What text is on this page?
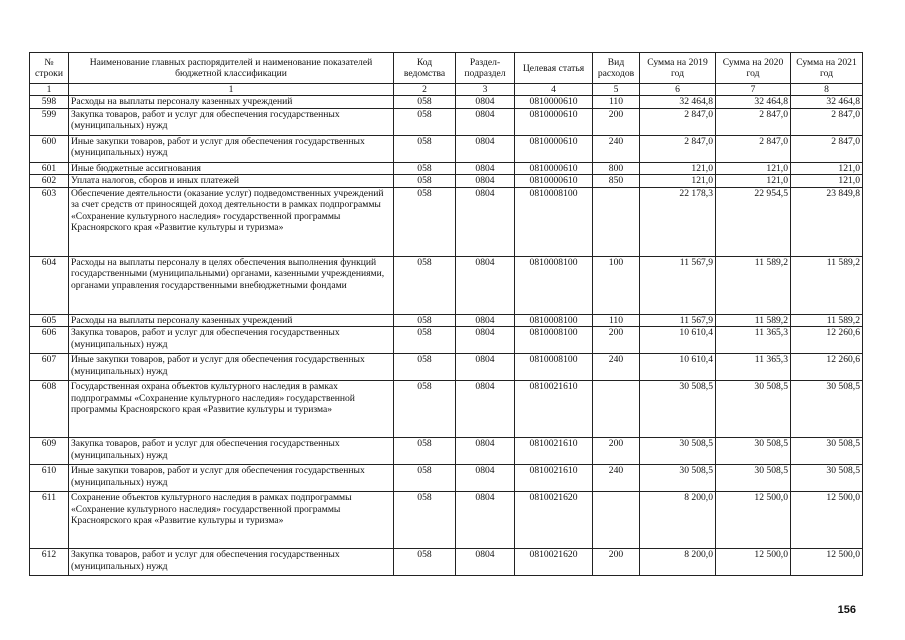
№ строки	Наименование главных распорядителей и наименование показателей бюджетной классификации	Код ведомства	Раздел-подраздел	Целевая статья	Вид расходов	Сумма на 2019 год	Сумма на 2020 год	Сумма на 2021 год
1	1	2	3	4	5	6	7	8
598	Расходы на выплаты персоналу казенных учреждений	058	0804	0810000610	110	32 464,8	32 464,8	32 464,8
599	Закупка товаров, работ и услуг для обеспечения государственных (муниципальных) нужд	058	0804	0810000610	200	2 847,0	2 847,0	2 847,0
600	Иные закупки товаров, работ и услуг для обеспечения государственных (муниципальных) нужд	058	0804	0810000610	240	2 847,0	2 847,0	2 847,0
601	Иные бюджетные ассигнования	058	0804	0810000610	800	121,0	121,0	121,0
602	Уплата налогов, сборов и иных платежей	058	0804	0810000610	850	121,0	121,0	121,0
603	Обеспечение деятельности (оказание услуг) подведомственных учреждений за счет средств от приносящей доход деятельности в рамках подпрограммы «Сохранение культурного наследия» государственной программы Красноярского края «Развитие культуры и туризма»	058	0804	0810008100		22 178,3	22 954,5	23 849,8
604	Расходы на выплаты персоналу в целях обеспечения выполнения функций государственными (муниципальными) органами, казенными учреждениями, органами управления государственными внебюджетными фондами	058	0804	0810008100	100	11 567,9	11 589,2	11 589,2
605	Расходы на выплаты персоналу казенных учреждений	058	0804	0810008100	110	11 567,9	11 589,2	11 589,2
606	Закупка товаров, работ и услуг для обеспечения государственных (муниципальных) нужд	058	0804	0810008100	200	10 610,4	11 365,3	12 260,6
607	Иные закупки товаров, работ и услуг для обеспечения государственных (муниципальных) нужд	058	0804	0810008100	240	10 610,4	11 365,3	12 260,6
608	Государственная охрана объектов культурного наследия в рамках подпрограммы «Сохранение культурного наследия» государственной программы Красноярского края «Развитие культуры и туризма»	058	0804	0810021610		30 508,5	30 508,5	30 508,5
609	Закупка товаров, работ и услуг для обеспечения государственных (муниципальных) нужд	058	0804	0810021610	200	30 508,5	30 508,5	30 508,5
610	Иные закупки товаров, работ и услуг для обеспечения государственных (муниципальных) нужд	058	0804	0810021610	240	30 508,5	30 508,5	30 508,5
611	Сохранение объектов культурного наследия в рамках подпрограммы «Сохранение культурного наследия» государственной программы Красноярского края «Развитие культуры и туризма»	058	0804	0810021620		8 200,0	12 500,0	12 500,0
612	Закупка товаров, работ и услуг для обеспечения государственных (муниципальных) нужд	058	0804	0810021620	200	8 200,0	12 500,0	12 500,0
156
